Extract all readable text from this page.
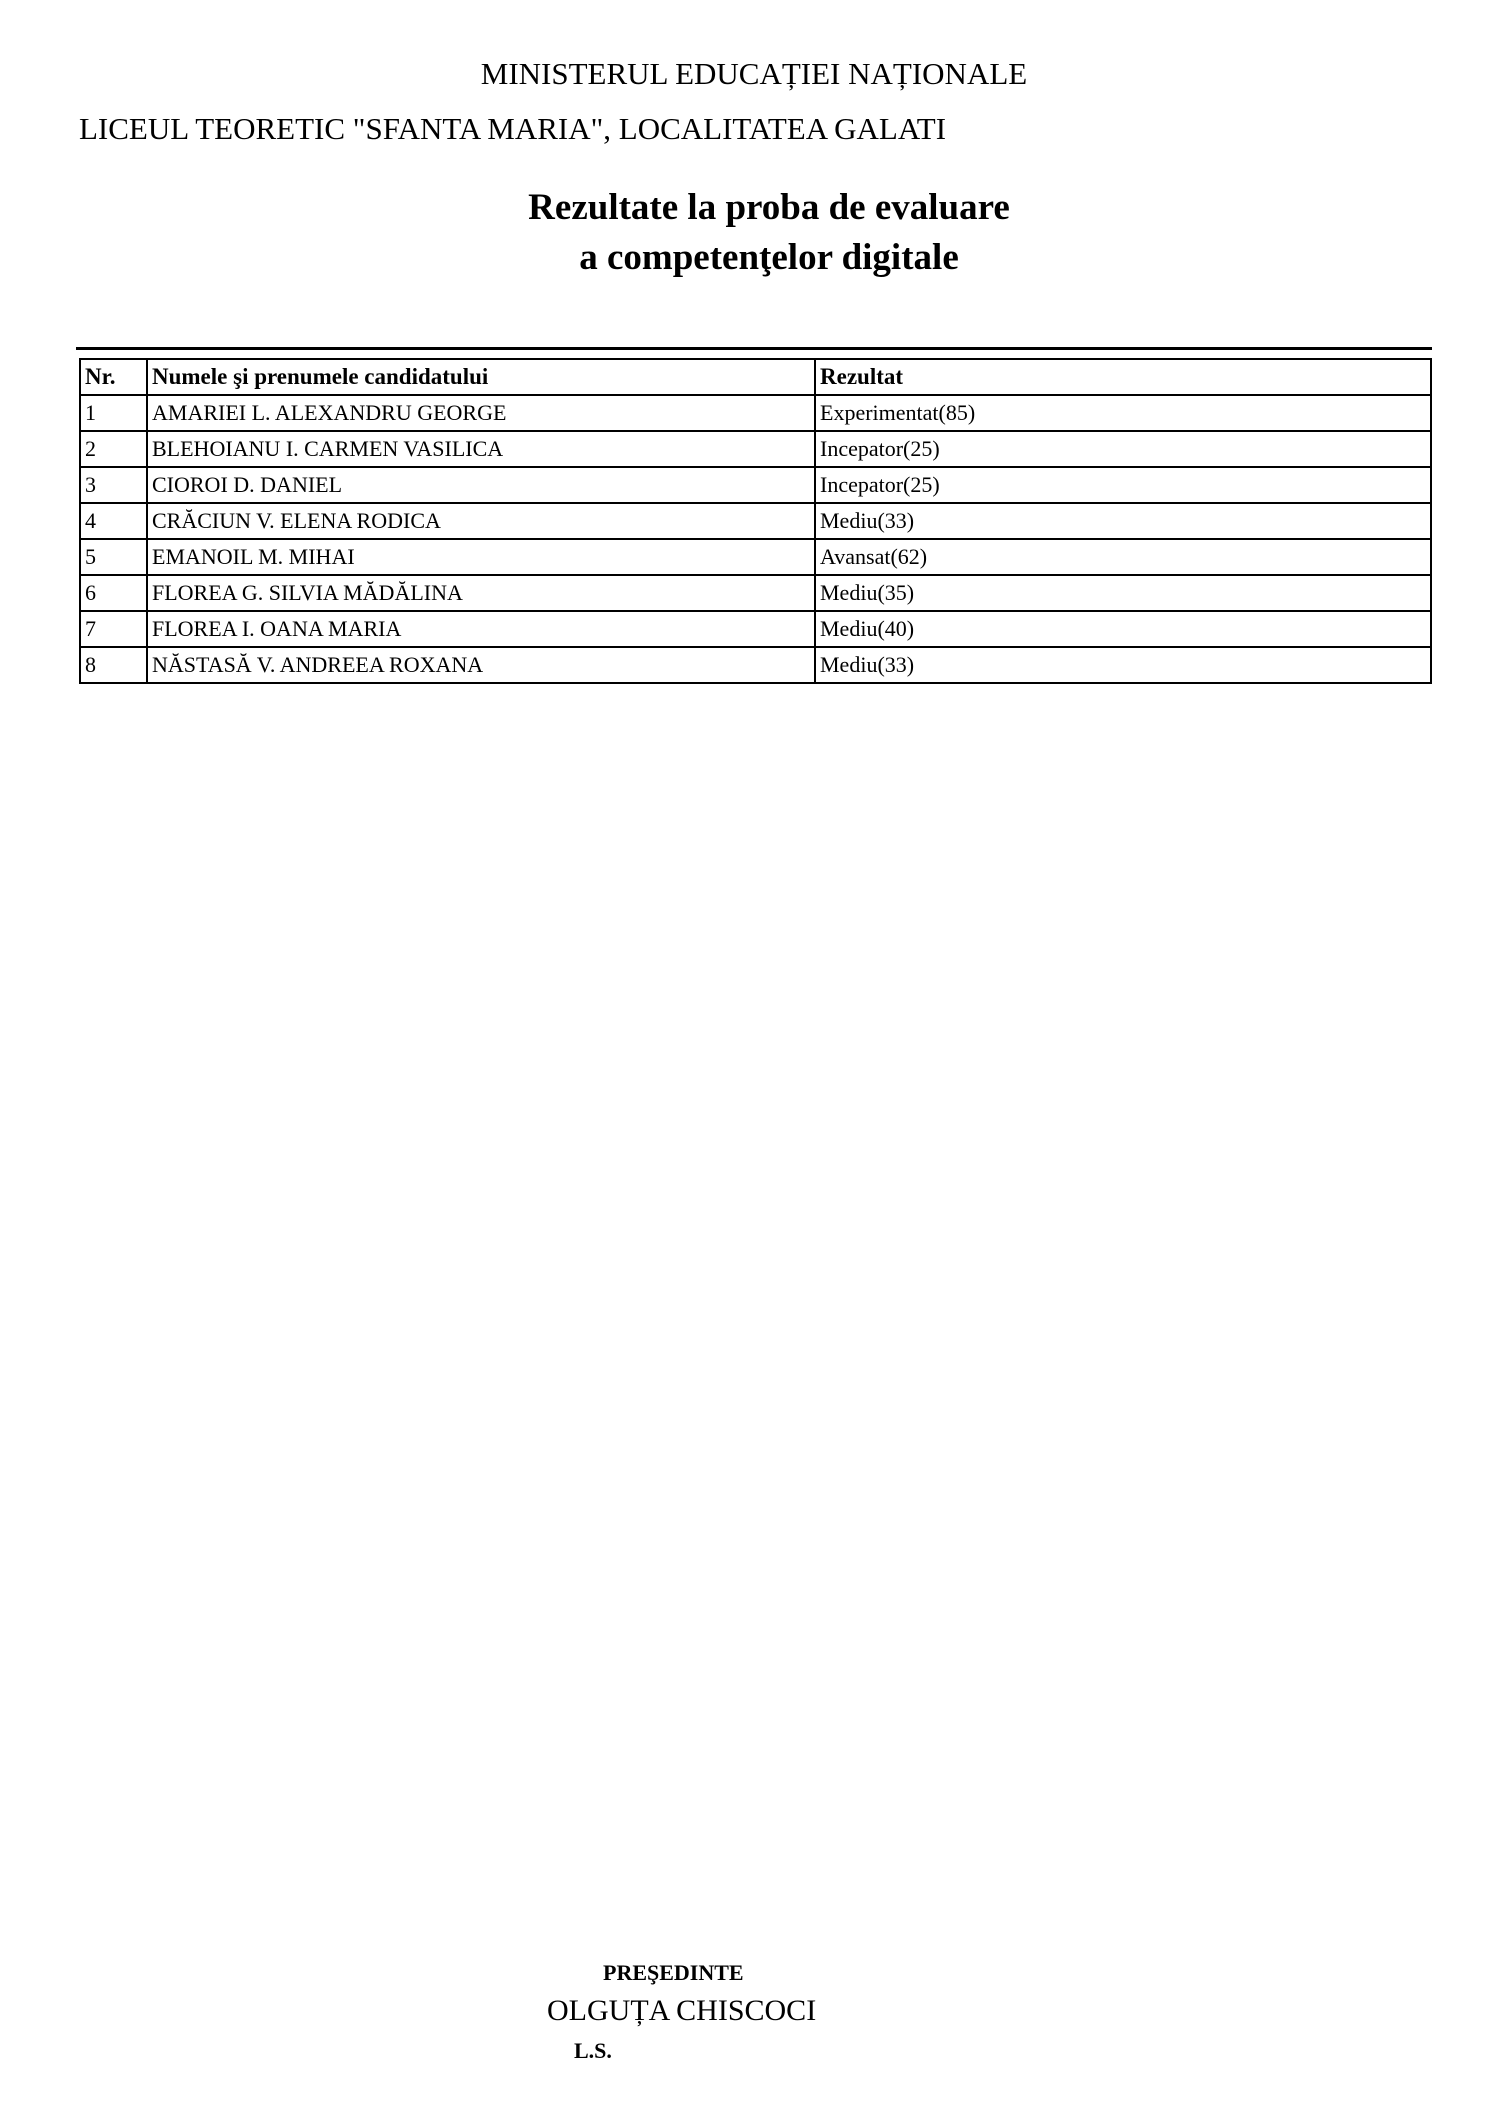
MINISTERUL EDUCAȚIEI NAȚIONALE
LICEUL TEORETIC "SFANTA MARIA", LOCALITATEA GALATI
Rezultate la proba de evaluare
a competenţelor digitale
Nr.	Numele şi prenumele candidatului	Rezultat
1	AMARIEI L. ALEXANDRU GEORGE	Experimentat(85)
2	BLEHOIANU I. CARMEN VASILICA	Incepator(25)
3	CIOROI D. DANIEL	Incepator(25)
4	CRĂCIUN V. ELENA RODICA	Mediu(33)
5	EMANOIL M. MIHAI	Avansat(62)
6	FLOREA G. SILVIA MĂDĂLINA	Mediu(35)
7	FLOREA I. OANA MARIA	Mediu(40)
8	NĂSTASĂ V. ANDREEA ROXANA	Mediu(33)
PREŞEDINTE
OLGUȚA CHISCOCI
L.S.
